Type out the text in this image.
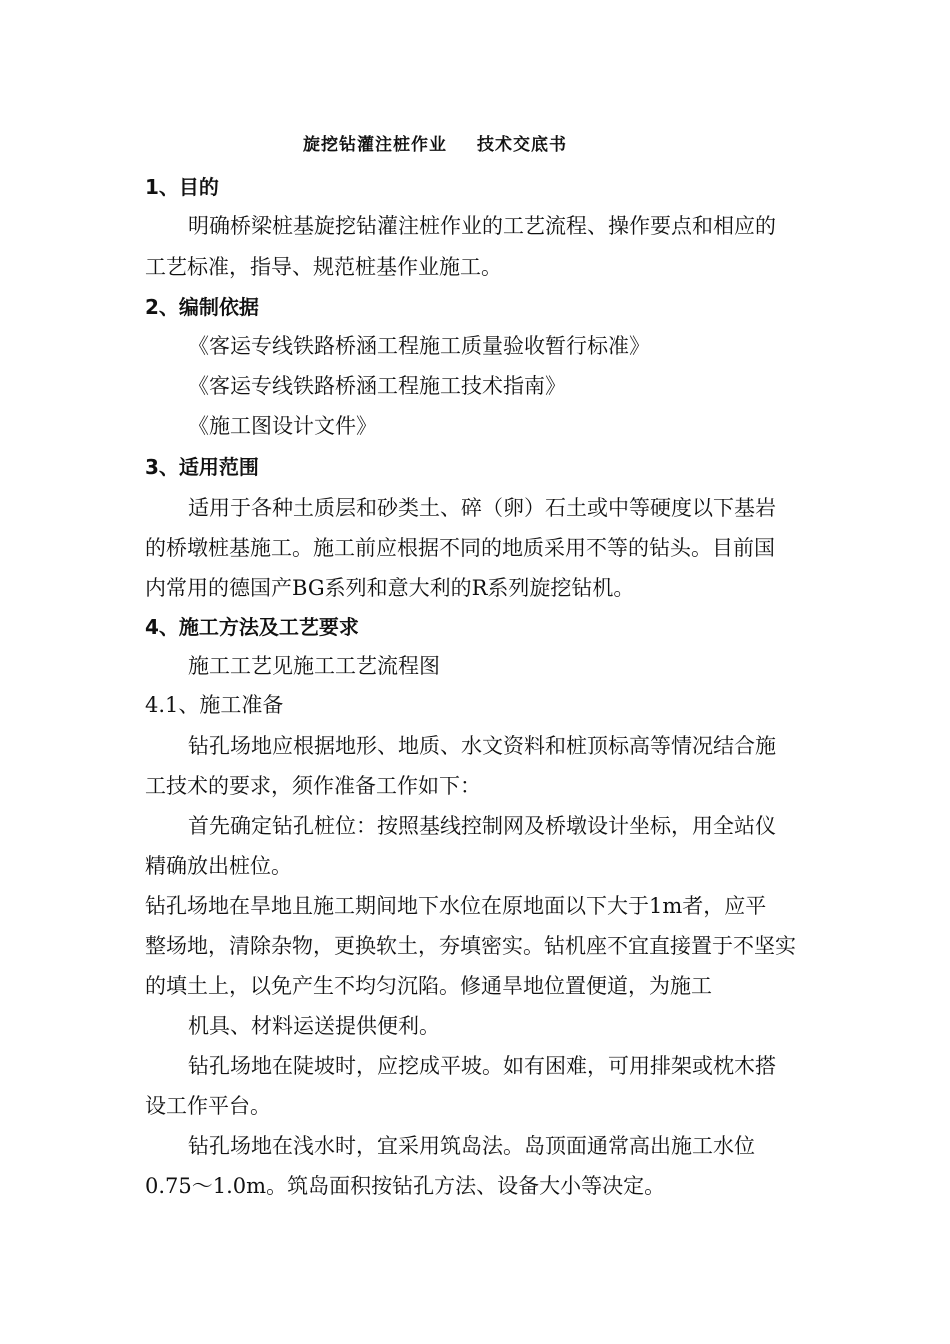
旋挖钻灌注桩作业 技术交底书
1、目的
明确桥梁桩基旋挖钻灌注桩作业的工艺流程、操作要点和相应的
工艺标准，指导、规范桩基作业施工。
2、编制依据
《客运专线铁路桥涵工程施工质量验收暂行标准》
《客运专线铁路桥涵工程施工技术指南》
《施工图设计文件》
3、适用范围
适用于各种土质层和砂类土、碎（卵）石土或中等硬度以下基岩
的桥墩桩基施工。施工前应根据不同的地质采用不等的钻头。目前国
内常用的德国产BG系列和意大利的R系列旋挖钻机。
4、施工方法及工艺要求
施工工艺见施工工艺流程图
4.1、施工准备
钻孔场地应根据地形、地质、水文资料和桩顶标高等情况结合施
工技术的要求，须作准备工作如下：
首先确定钻孔桩位：按照基线控制网及桥墩设计坐标，用全站仪
精确放出桩位。
钻孔场地在旱地且施工期间地下水位在原地面以下大于1m者，应平
整场地，清除杂物，更换软土，夯填密实。钻机座不宜直接置于不坚实
的填土上，以免产生不均匀沉陷。修通旱地位置便道，为施工
机具、材料运送提供便利。
钻孔场地在陡坡时，应挖成平坡。如有困难，可用排架或枕木搭
设工作平台。
钻孔场地在浅水时，宜采用筑岛法。岛顶面通常高出施工水位
0.75～1.0m。筑岛面积按钻孔方法、设备大小等决定。
